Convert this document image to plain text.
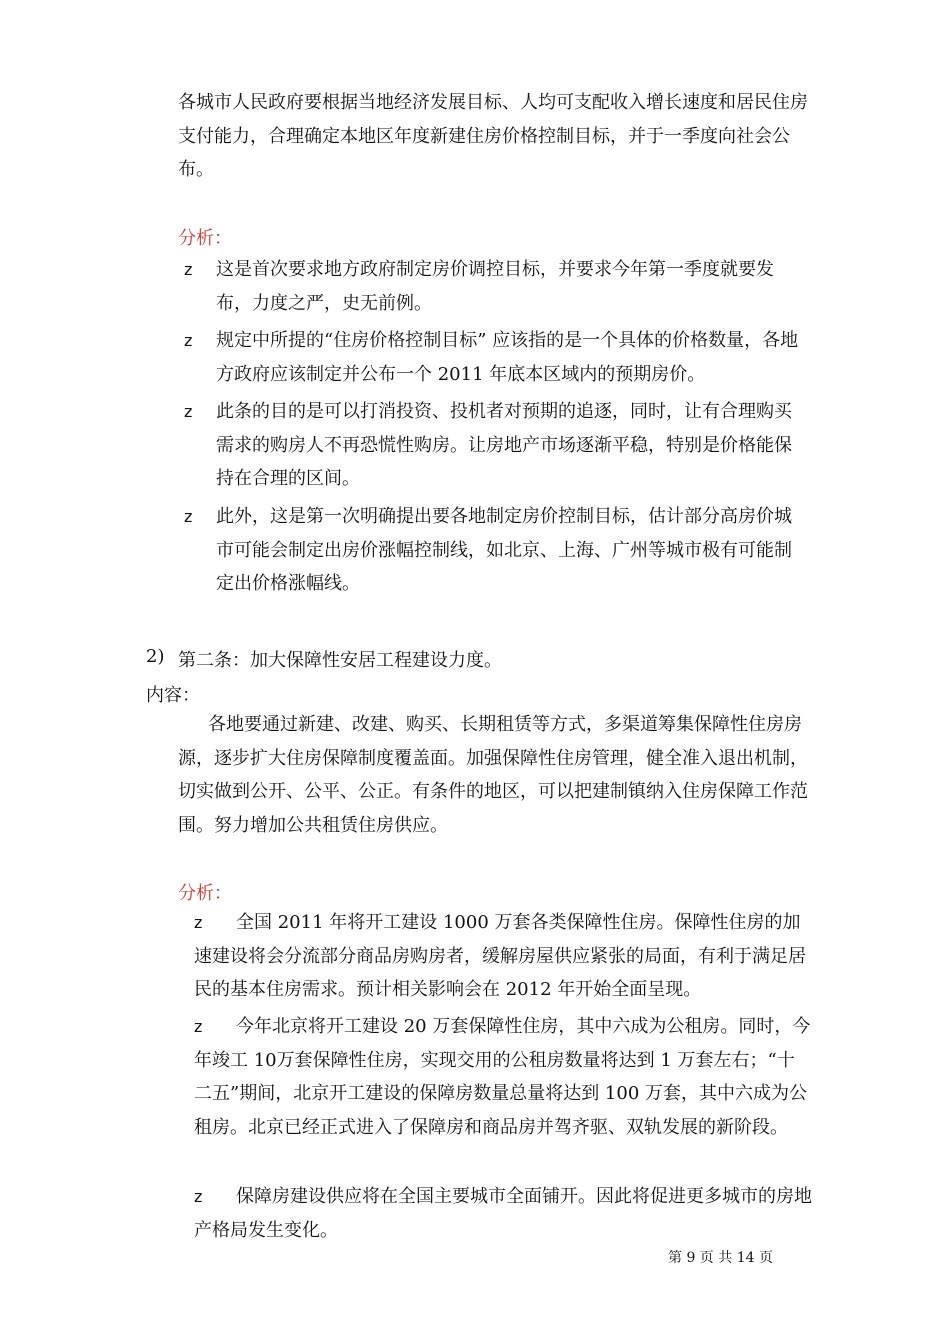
各城市人民政府要根据当地经济发展目标、人均可支配收入增长速度和居民住房支付能力，合理确定本地区年度新建住房价格控制目标，并于一季度向社会公布。

分析：

z 这是首次要求地方政府制定房价调控目标，并要求今年第一季度就要发布，力度之严，史无前例。
z 规定中所提的“住房价格控制目标” 应该指的是一个具体的价格数量，各地方政府应该制定并公布一个 2011 年底本区域内的预期房价。
z 此条的目的是可以打消投资、投机者对预期的追逐，同时，让有合理购买需求的购房人不再恐慌性购房。让房地产市场逐渐平稳，特别是价格能保持在合理的区间。
z 此外，这是第一次明确提出要各地制定房价控制目标，估计部分高房价城市可能会制定出房价涨幅控制线，如北京、上海、广州等城市极有可能制定出价格涨幅线。

2) 第二条：加大保障性安居工程建设力度。

内容：

各地要通过新建、改建、购买、长期租赁等方式，多渠道筹集保障性住房房源，逐步扩大住房保障制度覆盖面。加强保障性住房管理，健全准入退出机制，切实做到公开、公平、公正。有条件的地区，可以把建制镇纳入住房保障工作范围。努力增加公共租赁住房供应。

分析：

全国 2011 年将开工建设 1000 万套各类保障性住房。保障性住房的加速建设将会分流部分商品房购房者，缓解房屋供应紧张的局面，有利于满足居民的基本住房需求。预计相关影响会在 2012 年开始全面呈现。
z
今年北京将开工建设 20 万套保障性住房，其中六成为公租房。同时，今年竣工 10万套保障性住房，实现交用的公租房数量将达到 1 万套左右；“十二五”期间，北京开工建设的保障房数量总量将达到 100 万套，其中六成为公租房。北京已经正式进入了保障房和商品房并驾齐驱、双轨发展的新阶段。
z
保障房建设供应将在全国主要城市全面铺开。因此将促进更多城市的房地产格局发生变化。
z
第 9 页 共 14 页
